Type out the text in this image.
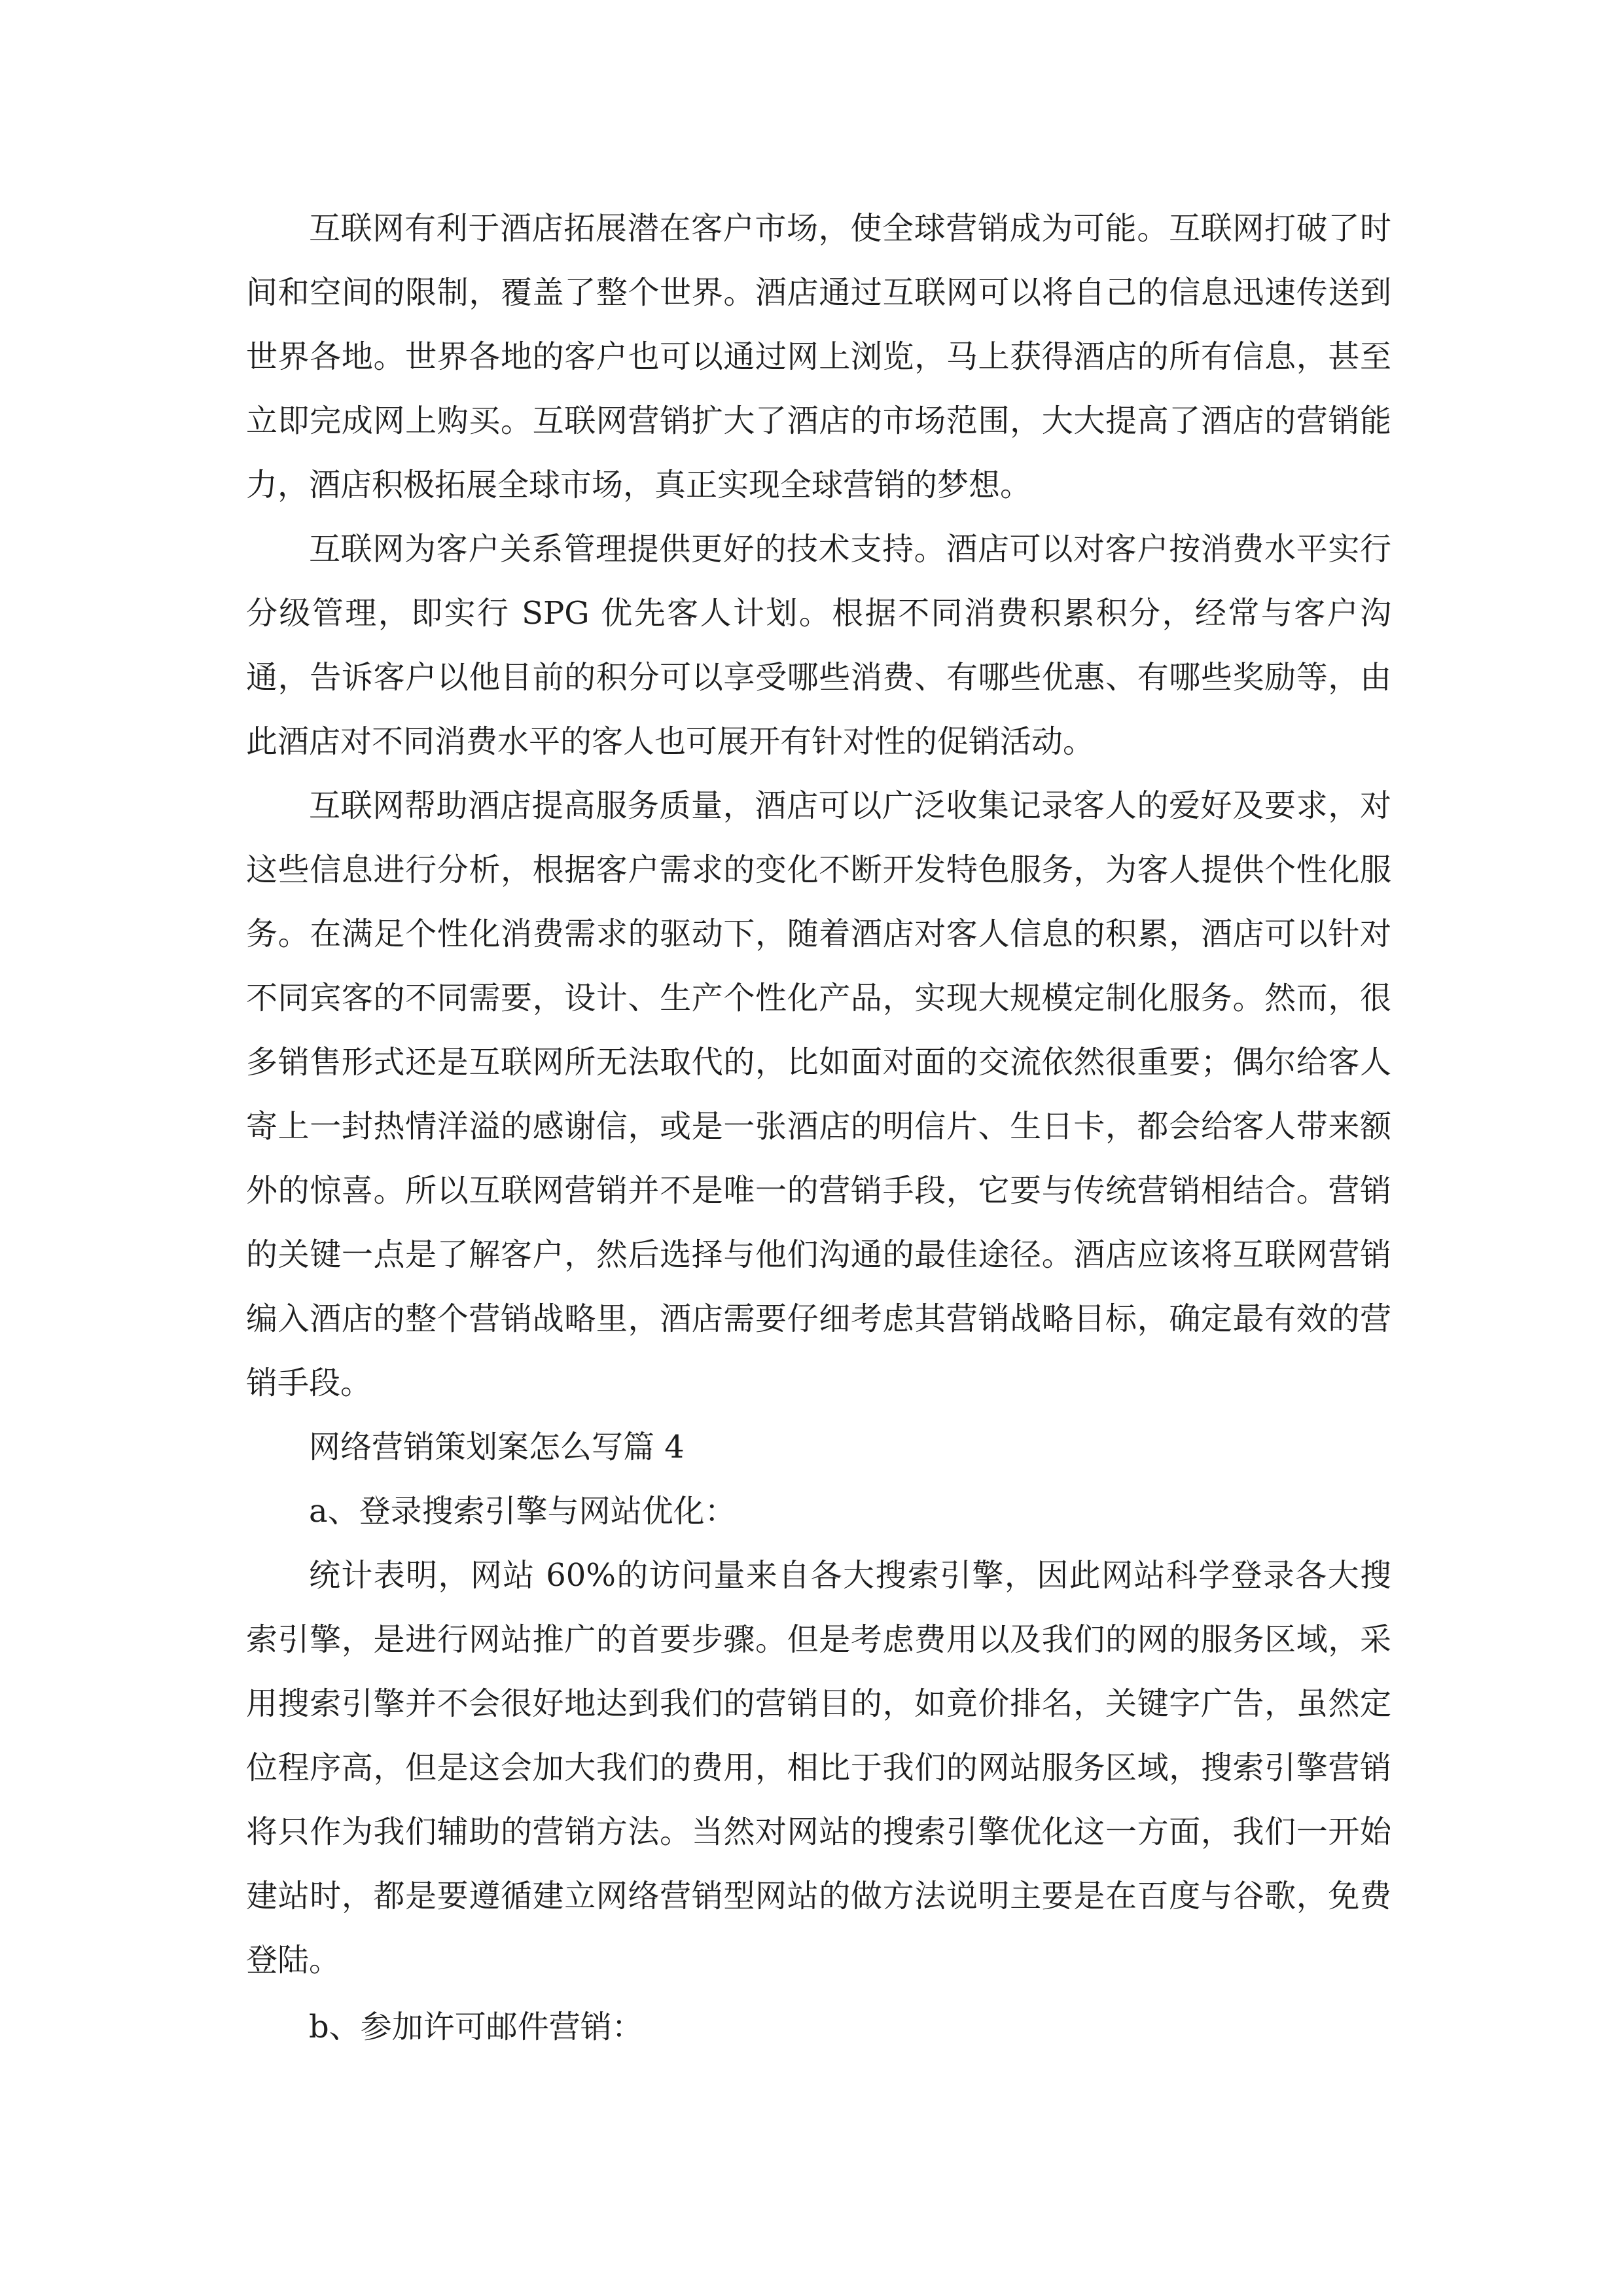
互联网有利于酒店拓展潜在客户市场，使全球营销成为可能。互联网打破了时间和空间的限制，覆盖了整个世界。酒店通过互联网可以将自己的信息迅速传送到世界各地。世界各地的客户也可以通过网上浏览，马上获得酒店的所有信息，甚至立即完成网上购买。互联网营销扩大了酒店的市场范围，大大提高了酒店的营销能力，酒店积极拓展全球市场，真正实现全球营销的梦想。

互联网为客户关系管理提供更好的技术支持。酒店可以对客户按消费水平实行分级管理，即实行 SPG 优先客人计划。根据不同消费积累积分，经常与客户沟通，告诉客户以他目前的积分可以享受哪些消费、有哪些优惠、有哪些奖励等，由此酒店对不同消费水平的客人也可展开有针对性的促销活动。

互联网帮助酒店提高服务质量，酒店可以广泛收集记录客人的爱好及要求，对这些信息进行分析，根据客户需求的变化不断开发特色服务，为客人提供个性化服务。在满足个性化消费需求的驱动下，随着酒店对客人信息的积累，酒店可以针对不同宾客的不同需要，设计、生产个性化产品，实现大规模定制化服务。然而，很多销售形式还是互联网所无法取代的，比如面对面的交流依然很重要；偶尔给客人寄上一封热情洋溢的感谢信，或是一张酒店的明信片、生日卡，都会给客人带来额外的惊喜。所以互联网营销并不是唯一的营销手段，它要与传统营销相结合。营销的关键一点是了解客户，然后选择与他们沟通的最佳途径。酒店应该将互联网营销编入酒店的整个营销战略里，酒店需要仔细考虑其营销战略目标，确定最有效的营销手段。

网络营销策划案怎么写篇 4

a、登录搜索引擎与网站优化：

统计表明，网站 60%的访问量来自各大搜索引擎，因此网站科学登录各大搜索引擎，是进行网站推广的首要步骤。但是考虑费用以及我们的网的服务区域，采用搜索引擎并不会很好地达到我们的营销目的，如竟价排名，关键字广告，虽然定位程序高，但是这会加大我们的费用，相比于我们的网站服务区域，搜索引擎营销将只作为我们辅助的营销方法。当然对网站的搜索引擎优化这一方面，我们一开始建站时，都是要遵循建立网络营销型网站的做方法说明主要是在百度与谷歌，免费登陆。

b、参加许可邮件营销：
